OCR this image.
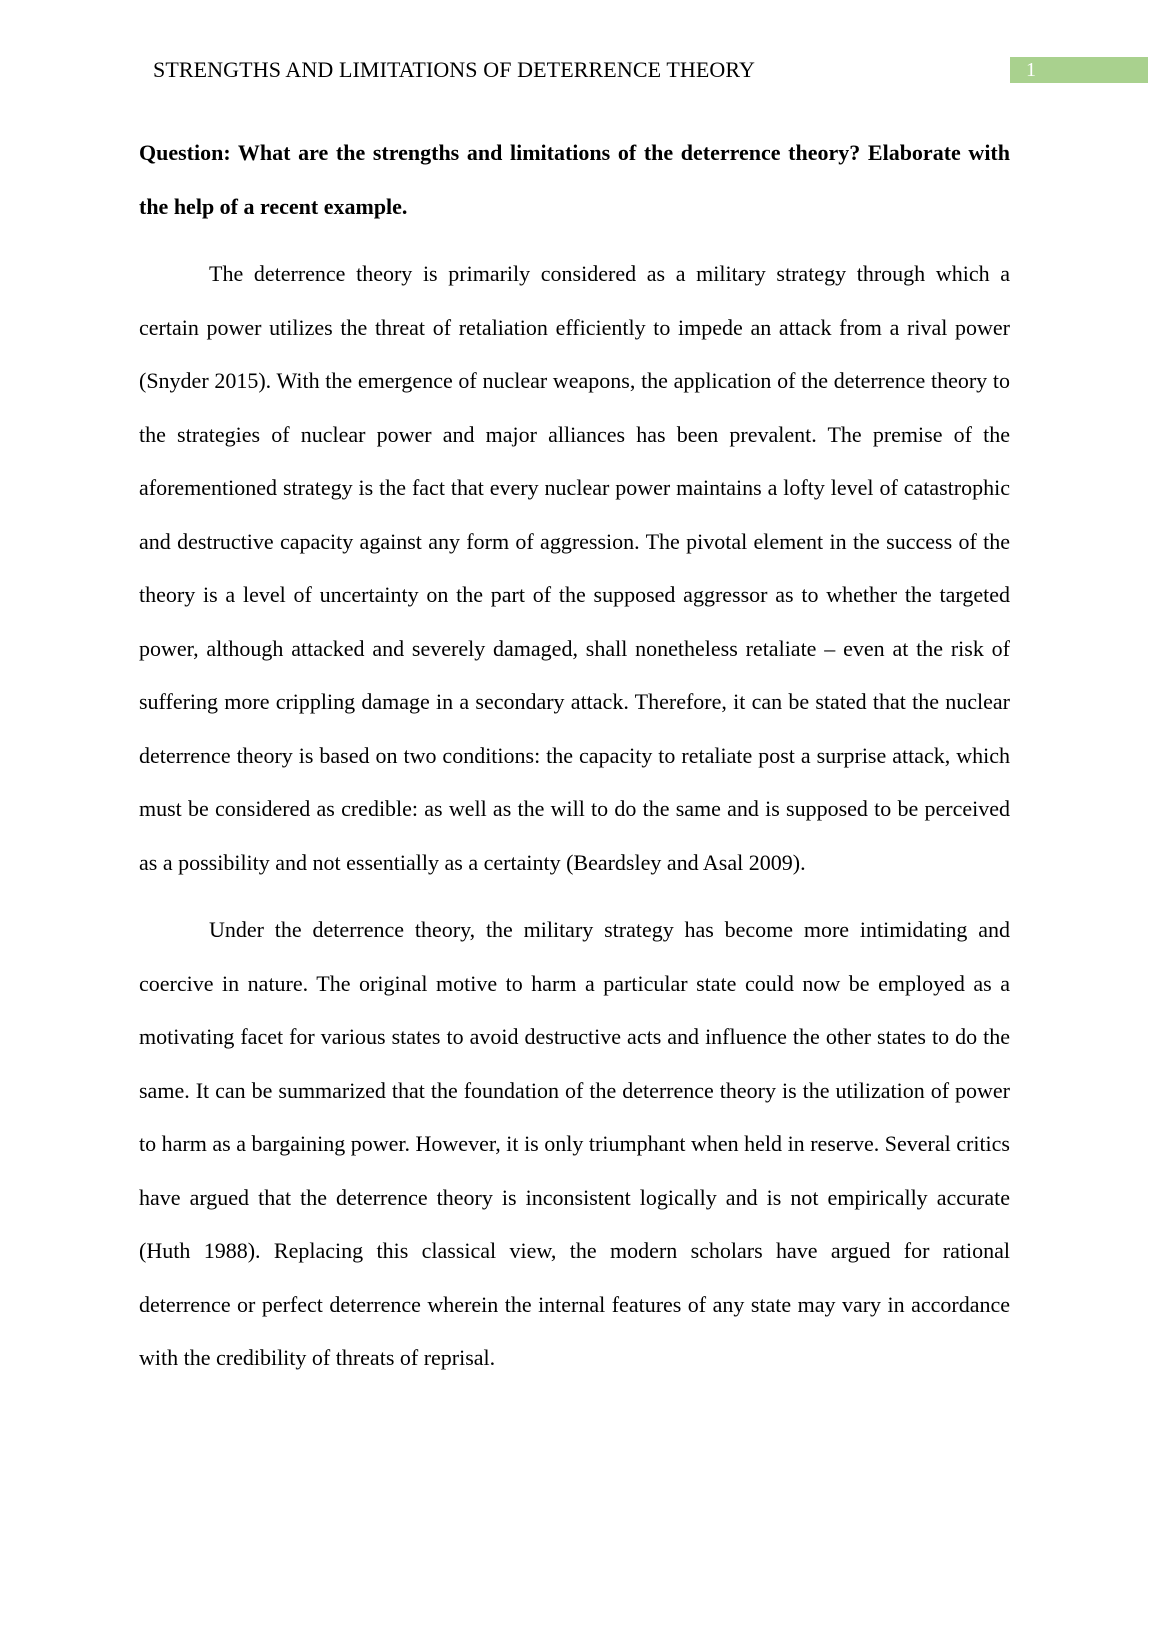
STRENGTHS AND LIMITATIONS OF DETERRENCE THEORY	1

Question: What are the strengths and limitations of the deterrence theory? Elaborate with the help of a recent example.

The deterrence theory is primarily considered as a military strategy through which a certain power utilizes the threat of retaliation efficiently to impede an attack from a rival power (Snyder 2015). With the emergence of nuclear weapons, the application of the deterrence theory to the strategies of nuclear power and major alliances has been prevalent. The premise of the aforementioned strategy is the fact that every nuclear power maintains a lofty level of catastrophic and destructive capacity against any form of aggression. The pivotal element in the success of the theory is a level of uncertainty on the part of the supposed aggressor as to whether the targeted power, although attacked and severely damaged, shall nonetheless retaliate – even at the risk of suffering more crippling damage in a secondary attack. Therefore, it can be stated that the nuclear deterrence theory is based on two conditions: the capacity to retaliate post a surprise attack, which must be considered as credible: as well as the will to do the same and is supposed to be perceived as a possibility and not essentially as a certainty (Beardsley and Asal 2009).

Under the deterrence theory, the military strategy has become more intimidating and coercive in nature. The original motive to harm a particular state could now be employed as a motivating facet for various states to avoid destructive acts and influence the other states to do the same. It can be summarized that the foundation of the deterrence theory is the utilization of power to harm as a bargaining power. However, it is only triumphant when held in reserve. Several critics have argued that the deterrence theory is inconsistent logically and is not empirically accurate (Huth 1988). Replacing this classical view, the modern scholars have argued for rational deterrence or perfect deterrence wherein the internal features of any state may vary in accordance with the credibility of threats of reprisal.
